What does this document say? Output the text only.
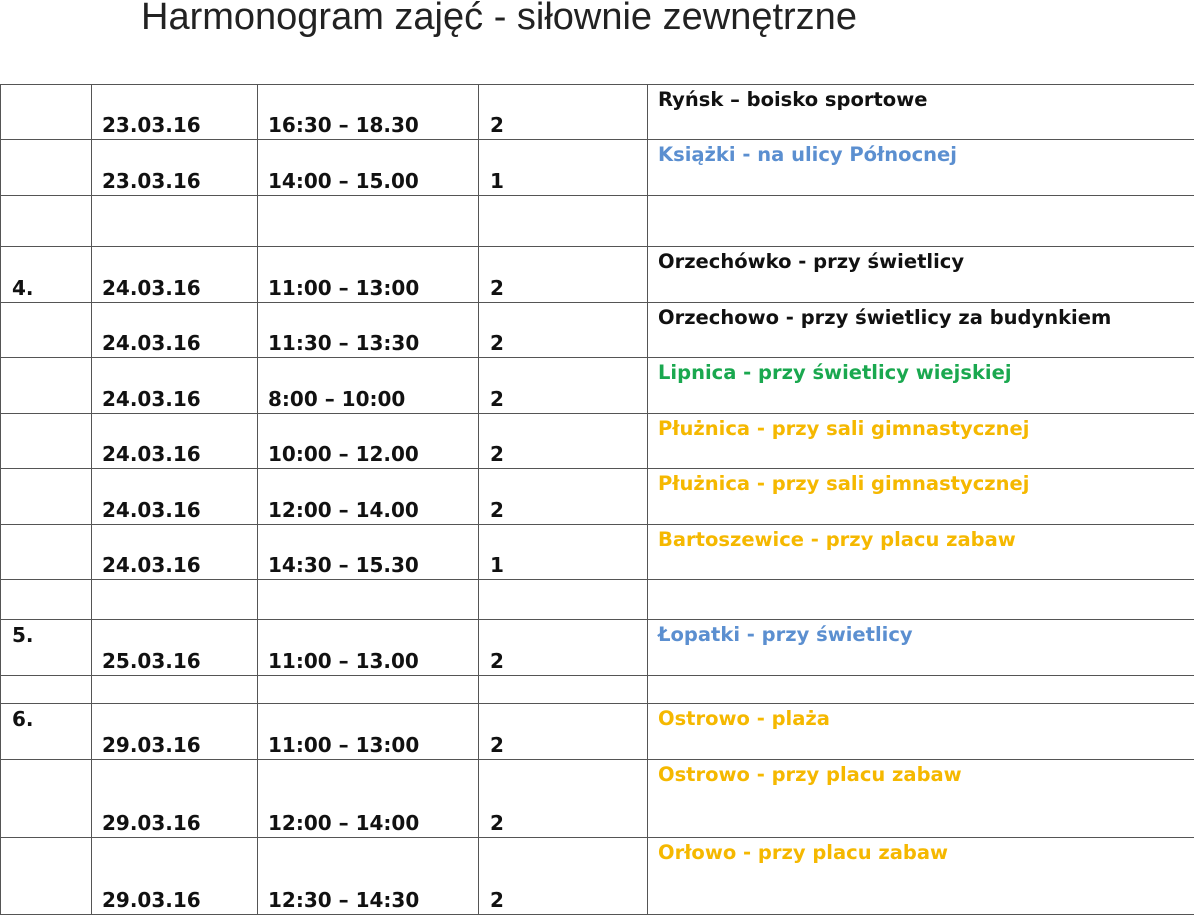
Harmonogram zajęć - siłownie zewnętrzne

	23.03.16	16:30 – 18.30	2	Ryńsk – boisko sportowe

	23.03.16	14:00 – 15.00	1	Książki - na ulicy Północnej

4.	24.03.16	11:00 – 13:00	2	Orzechówko - przy świetlicy

	24.03.16	11:30 – 13:30	2	Orzechowo - przy świetlicy za budynkiem

	24.03.16	8:00 – 10:00	2	Lipnica - przy świetlicy wiejskiej

	24.03.16	10:00 – 12.00	2	Płużnica - przy sali gimnastycznej

	24.03.16	12:00 – 14.00	2	Płużnica - przy sali gimnastycznej

	24.03.16	14:30 – 15.30	1	Bartoszewice - przy placu zabaw

5.	25.03.16	11:00 – 13.00	2	Łopatki - przy świetlicy

6.	29.03.16	11:00 – 13:00	2	Ostrowo - plaża

	29.03.16	12:00 – 14:00	2	Ostrowo - przy placu zabaw

	29.03.16	12:30 – 14:30	2	Orłowo - przy placu zabaw
